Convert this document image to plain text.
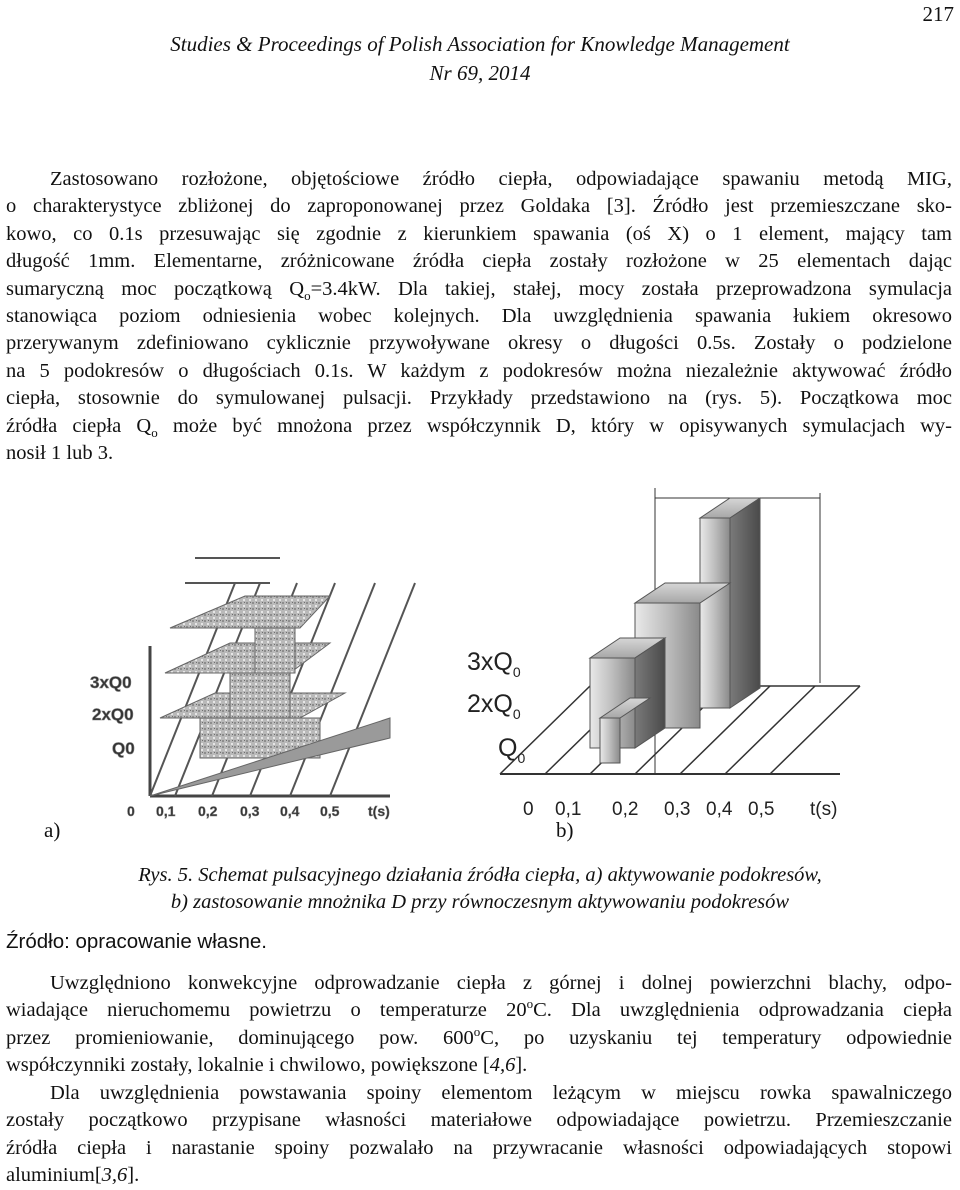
217
Studies & Proceedings of Polish Association for Knowledge Management
Nr 69, 2014
Zastosowano rozłożone, objętościowe źródło ciepła, odpowiadające spawaniu metodą MIG,
o charakterystyce zbliżonej do zaproponowanej przez Goldaka [3]. Źródło jest przemieszczane sko-
kowo, co 0.1s przesuwając się zgodnie z kierunkiem spawania (oś X) o 1 element, mający tam
długość 1mm. Elementarne, zróżnicowane źródła ciepła zostały rozłożone w 25 elementach dając
sumaryczną moc początkową $Q_o=3.4kW$. Dla takiej, stałej, mocy została przeprowadzona symulacja
stanowiąca poziom odniesienia wobec kolejnych. Dla uwzględnienia spawania łukiem okresowo
przerywanym zdefiniowano cyklicznie przywoływane okresy o długości 0.5s. Zostały o podzielone
na 5 podokresów o długościach 0.1s. W każdym z podokresów można niezależnie aktywować źródło
ciepła, stosownie do symulowanej pulsacji. Przykłady przedstawiono na (rys. 5). Początkowa moc
źródła ciepła $Q_o$ może być mnożona przez współczynnik D, który w opisywanych symulacjach wy-
nosił 1 lub 3.
3xQ0
2xQ0
Q0
0 0,1 0,2 0,3 0,4 0,5 t(s)
$3xQ_0$
$2xQ_0$
$Q_0$
0 0,1 0,2 0,3 0,4 0,5 t(s)
a)	b)
Rys. 5. Schemat pulsacyjnego działania źródła ciepła, a) aktywowanie podokresów,
b) zastosowanie mnożnika D przy równoczesnym aktywowaniu podokresów
Źródło: opracowanie własne.
Uwzględniono konwekcyjne odprowadzanie ciepła z górnej i dolnej powierzchni blachy, odpo-
wiadające nieruchomemu powietrzu o temperaturze 20$^o$C. Dla uwzględnienia odprowadzania ciepła
przez promieniowanie, dominującego pow. 600$^o$C, po uzyskaniu tej temperatury odpowiednie
współczynniki zostały, lokalnie i chwilowo, powiększone [4,6].
Dla uwzględnienia powstawania spoiny elementom leżącym w miejscu rowka spawalniczego
zostały początkowo przypisane własności materiałowe odpowiadające powietrzu. Przemieszczanie
źródła ciepła i narastanie spoiny pozwalało na przywracanie własności odpowiadających stopowi
aluminium[3,6].
